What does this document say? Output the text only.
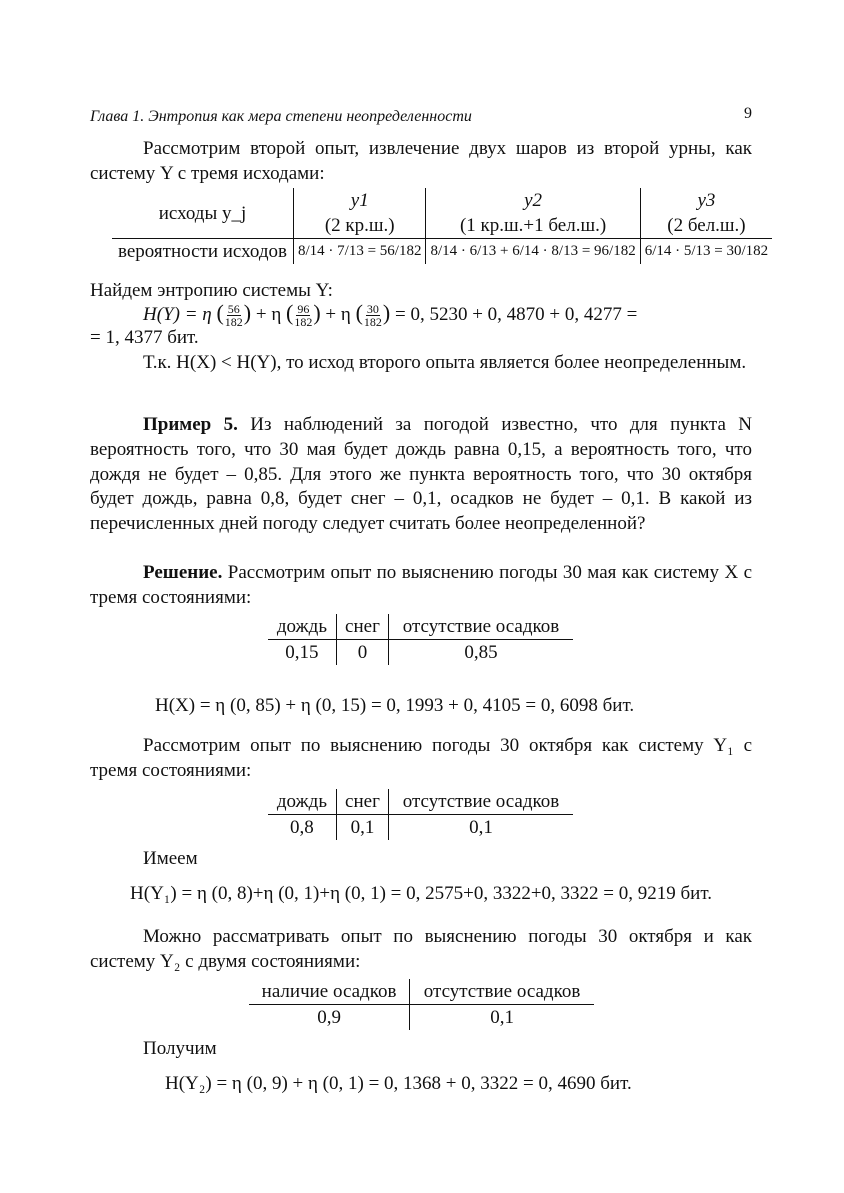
Глава 1. Энтропия как мера степени неопределенности	9
Рассмотрим второй опыт, извлечение двух шаров из второй урны, как систему Y с тремя исходами:
исходы y_j	y1	y2	y3
	(2 кр.ш.)	(1 кр.ш.+1 бел.ш.)	(2 бел.ш.)
вероятности исходов	8/14 · 7/13 = 56/182	8/14 · 6/13 + 6/14 · 8/13 = 96/182	6/14 · 5/13 = 30/182
Найдем энтропию системы Y:
H(Y) = η ( $\frac{56}{182}$ ) + η ( $\frac{96}{182}$ ) + η ( $\frac{30}{182}$ ) = 0, 5230 + 0, 4870 + 0, 4277 =
= 1, 4377 бит.
Т.к. H(X) < H(Y), то исход второго опыта является более неопределенным.
Пример 5. Из наблюдений за погодой известно, что для пункта N вероятность того, что 30 мая будет дождь равна 0,15, а вероятность того, что дождя не будет – 0,85. Для этого же пункта вероятность того, что 30 октября будет дождь, равна 0,8, будет снег – 0,1, осадков не будет – 0,1. В какой из перечисленных дней погоду следует считать более неопределенной?
Решение. Рассмотрим опыт по выяснению погоды 30 мая как систему X с тремя состояниями:
дождь	снег	отсутствие осадков
0,15	0	0,85
H(X) = η (0, 85) + η (0, 15) = 0, 1993 + 0, 4105 = 0, 6098 бит.
Рассмотрим опыт по выяснению погоды 30 октября как систему Y₁ с тремя состояниями:
дождь	снег	отсутствие осадков
0,8	0,1	0,1
Имеем
H(Y₁) = η (0, 8)+η (0, 1)+η (0, 1) = 0, 2575+0, 3322+0, 3322 = 0, 9219 бит.
Можно рассматривать опыт по выяснению погоды 30 октября и как систему Y₂ с двумя состояниями:
наличие осадков	отсутствие осадков
0,9	0,1
Получим
H(Y₂) = η (0, 9) + η (0, 1) = 0, 1368 + 0, 3322 = 0, 4690 бит.
